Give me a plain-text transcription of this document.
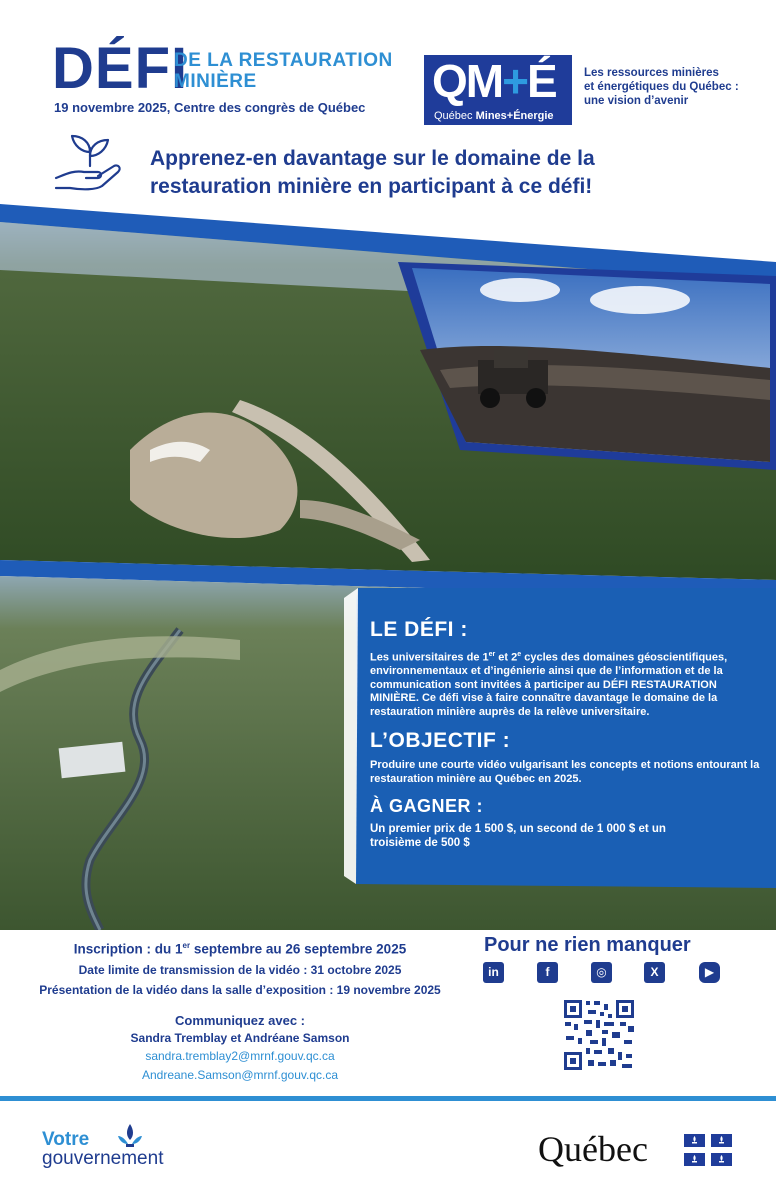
DÉFI
DE LA RESTAURATION
MINIÈRE
19 novembre 2025, Centre des congrès de Québec
QM+É
Québec Mines+Énergie
Les ressources minières
et énergétiques du Québec :
une vision d’avenir
Apprenez-en davantage sur le domaine de la
restauration minière en participant à ce défi!
LE DÉFI :

Les universitaires de 1er et 2e cycles des domaines géoscientifiques, environnementaux et d’ingénierie ainsi que de l’information et de la communication sont invitées à participer au DÉFI RESTAURATION MINIÈRE. Ce défi vise à faire connaître davantage le domaine de la restauration minière auprès de la relève universitaire.

L’OBJECTIF :

Produire une courte vidéo vulgarisant les concepts et notions entourant la restauration minière au Québec en 2025.

À GAGNER :

Un premier prix de 1 500 $, un second de 1 000 $ et un troisième de 500 $

Inscription : du 1er septembre au 26 septembre 2025
Date limite de transmission de la vidéo : 31 octobre 2025
Présentation de la vidéo dans la salle d’exposition : 19 novembre 2025
Communiquez avec :
Sandra Tremblay et Andréane Samson
sandra.tremblay2@mrnf.gouv.qc.ca
Andreane.Samson@mrnf.gouv.qc.ca
Pour ne rien manquer
in	f	◎	X	▶
Votre
gouvernement	Québec
